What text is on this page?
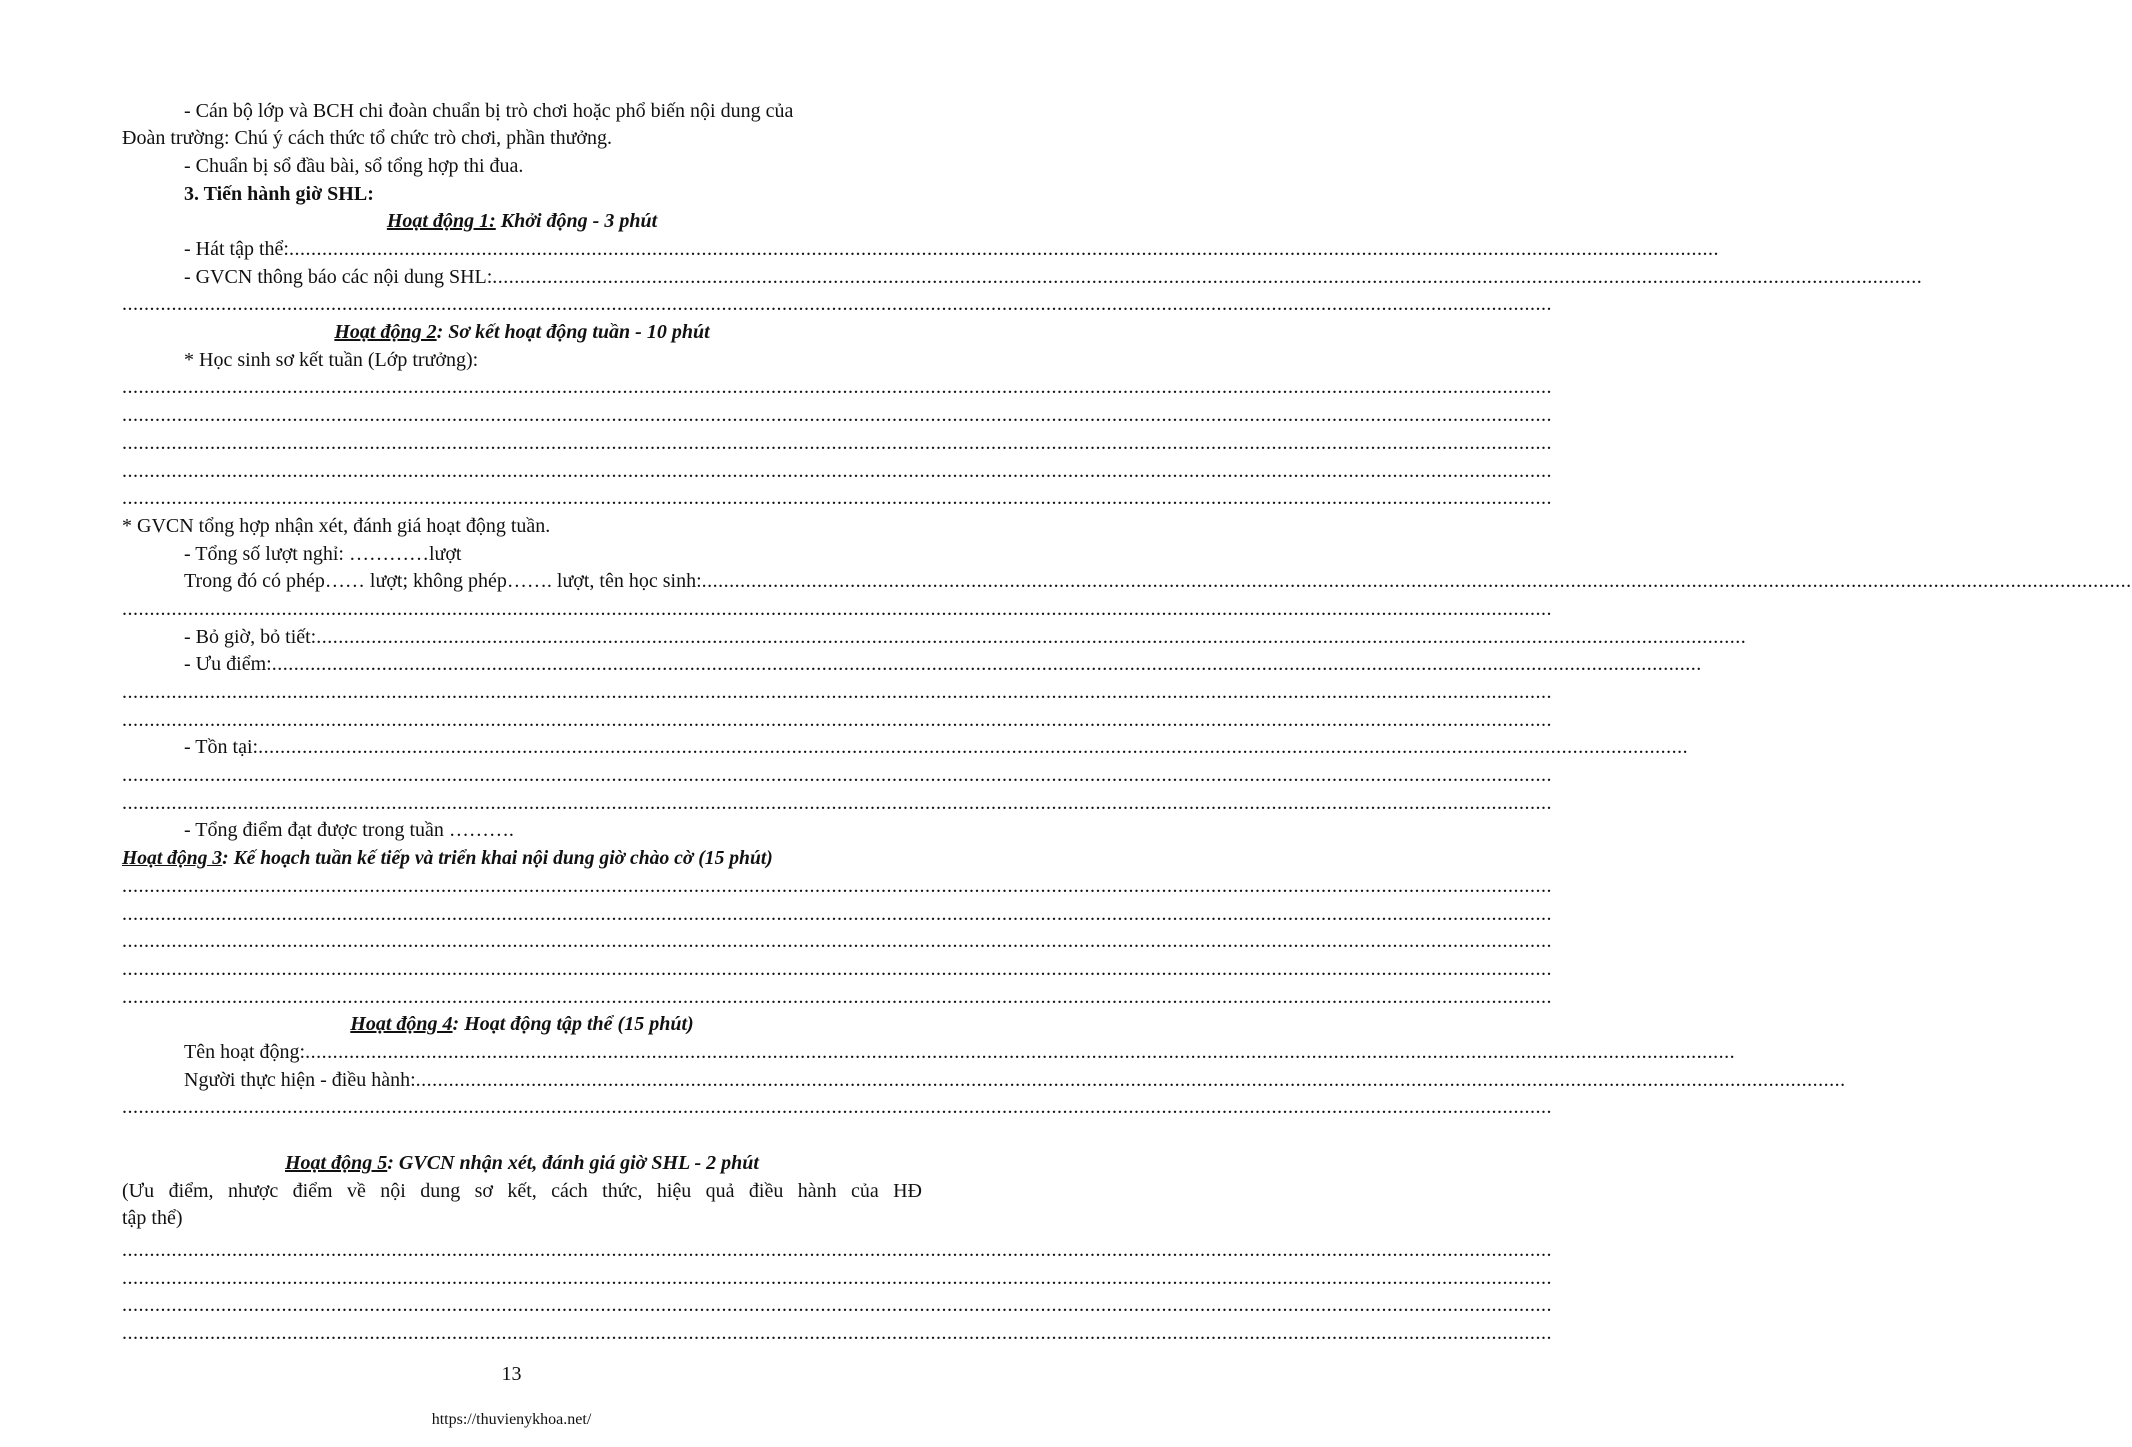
- Cán bộ lớp và BCH chi đoàn chuẩn bị trò chơi hoặc phổ biến nội dung của
Đoàn trường: Chú ý cách thức tổ chức trò chơi, phần thưởng.
- Chuẩn bị sổ đầu bài, sổ tổng hợp thi đua.
3. Tiến hành giờ SHL:
Hoạt động 1: Khởi động - 3 phút
- Hát tập thể: ....................................................................................................................................................................................................................................................................
- GVCN thông báo các nội dung SHL: ....................................................................................................................................................................................................................................................................
....................................................................................................................................................................................................................................................................
Hoạt động 2: Sơ kết hoạt động tuần - 10 phút
* Học sinh sơ kết tuần (Lớp trưởng):
....................................................................................................................................................................................................................................................................
....................................................................................................................................................................................................................................................................
....................................................................................................................................................................................................................................................................
....................................................................................................................................................................................................................................................................
....................................................................................................................................................................................................................................................................
* GVCN tổng hợp nhận xét, đánh giá hoạt động tuần.
- Tổng số lượt nghỉ: …………lượt
Trong đó có phép…… lượt; không phép……. lượt, tên học sinh: ....................................................................................................................................................................................................................................................................
....................................................................................................................................................................................................................................................................
- Bỏ giờ, bỏ tiết: ....................................................................................................................................................................................................................................................................
- Ưu điểm: ....................................................................................................................................................................................................................................................................
....................................................................................................................................................................................................................................................................
....................................................................................................................................................................................................................................................................
- Tồn tại: ....................................................................................................................................................................................................................................................................
....................................................................................................................................................................................................................................................................
....................................................................................................................................................................................................................................................................
- Tổng điểm đạt được trong tuần ……….
Hoạt động 3: Kế hoạch tuần kế tiếp và triển khai nội dung giờ chào cờ (15 phút)
....................................................................................................................................................................................................................................................................
....................................................................................................................................................................................................................................................................
....................................................................................................................................................................................................................................................................
....................................................................................................................................................................................................................................................................
....................................................................................................................................................................................................................................................................
Hoạt động 4: Hoạt động tập thể (15 phút)
Tên hoạt động: ....................................................................................................................................................................................................................................................................
Người thực hiện - điều hành: ....................................................................................................................................................................................................................................................................
....................................................................................................................................................................................................................................................................
Hoạt động 5: GVCN nhận xét, đánh giá giờ SHL - 2 phút
(Ưu điểm, nhược điểm về nội dung sơ kết, cách thức, hiệu quả điều hành của HĐ
tập thể)
....................................................................................................................................................................................................................................................................
....................................................................................................................................................................................................................................................................
....................................................................................................................................................................................................................................................................
....................................................................................................................................................................................................................................................................
13
https://thuvienykhoa.net/
